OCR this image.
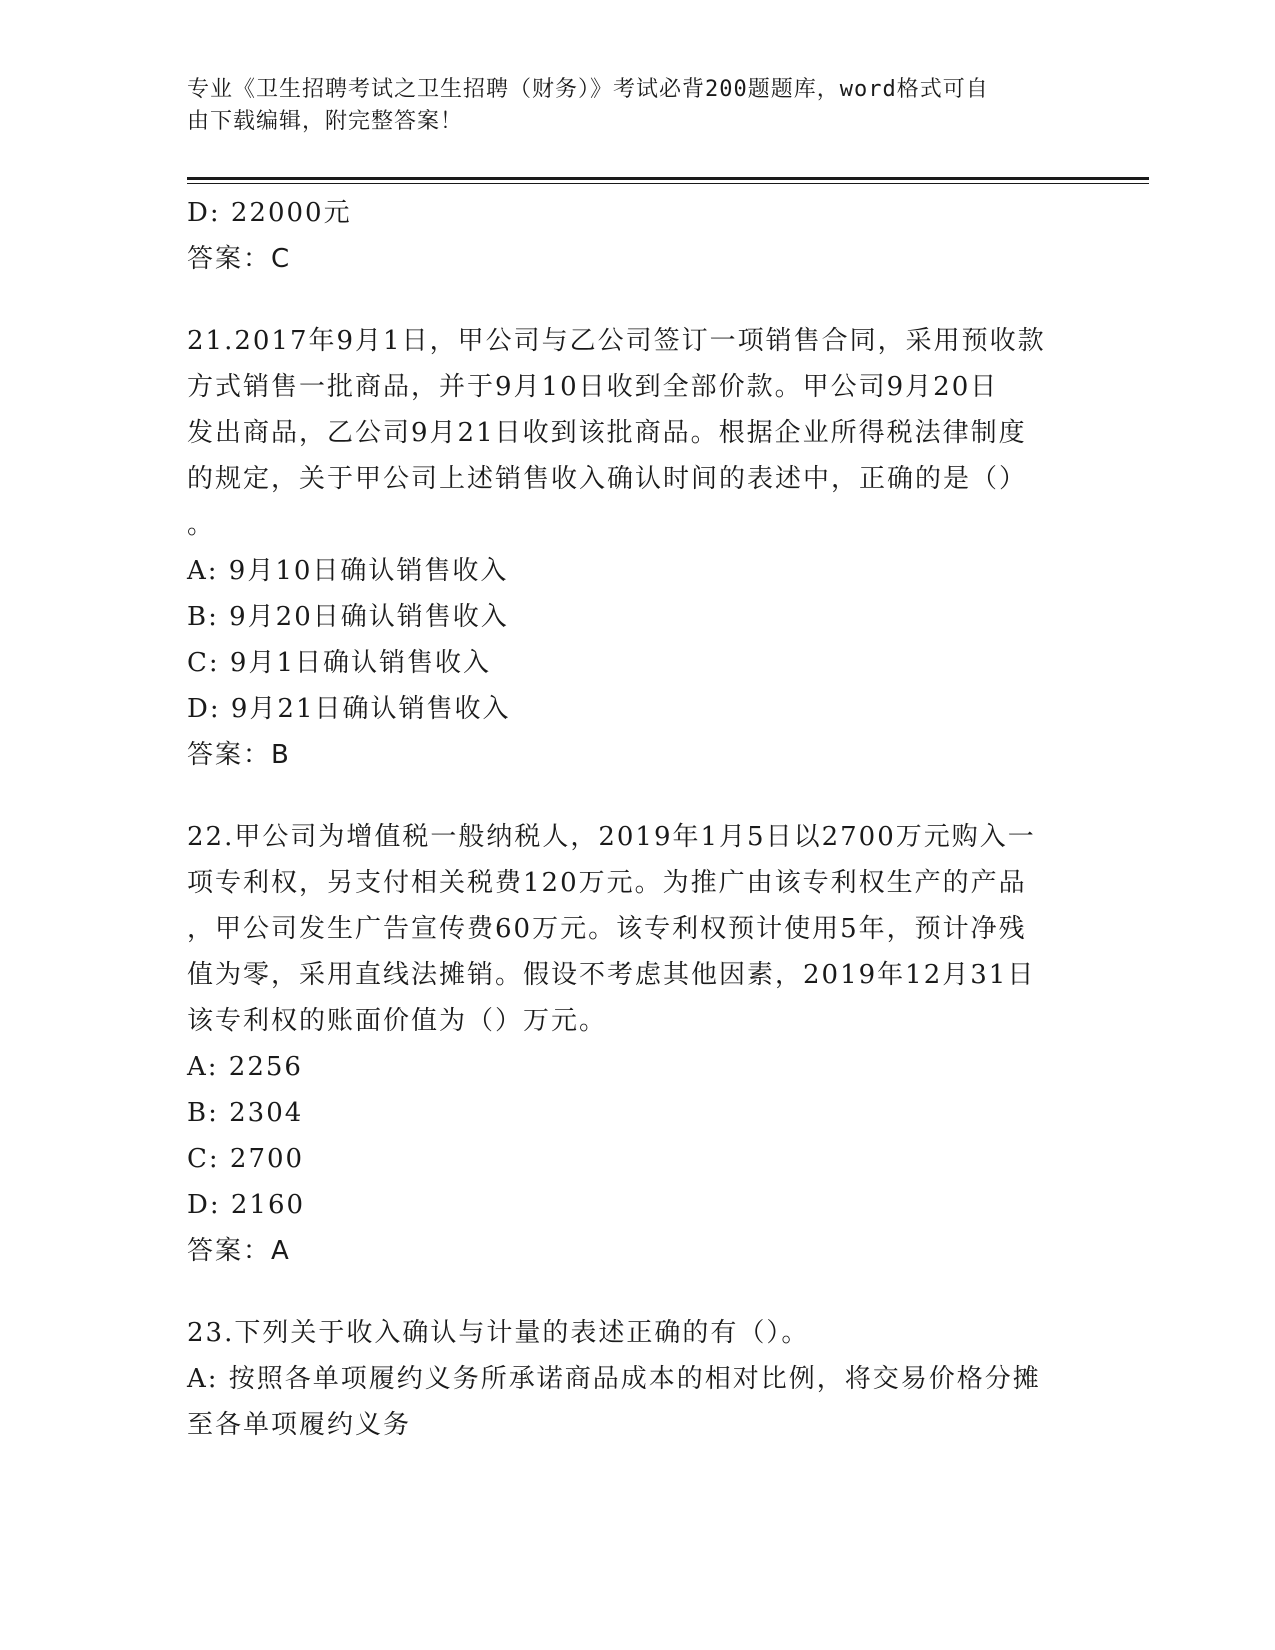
专业《卫生招聘考试之卫生招聘（财务）》考试必背200题题库，word格式可自
由下载编辑，附完整答案！
D: 22000元
答案：C
21.2017年9月1日，甲公司与乙公司签订一项销售合同，采用预收款
方式销售一批商品，并于9月10日收到全部价款。甲公司9月20日
发出商品，乙公司9月21日收到该批商品。根据企业所得税法律制度
的规定，关于甲公司上述销售收入确认时间的表述中，正确的是（）
。
A: 9月10日确认销售收入
B: 9月20日确认销售收入
C: 9月1日确认销售收入
D: 9月21日确认销售收入
答案：B
22.甲公司为增值税一般纳税人，2019年1月5日以2700万元购入一
项专利权，另支付相关税费120万元。为推广由该专利权生产的产品
，甲公司发生广告宣传费60万元。该专利权预计使用5年，预计净残
值为零，采用直线法摊销。假设不考虑其他因素，2019年12月31日
该专利权的账面价值为（）万元。
A: 2256
B: 2304
C: 2700
D: 2160
答案：A
23.下列关于收入确认与计量的表述正确的有（）。
A: 按照各单项履约义务所承诺商品成本的相对比例，将交易价格分摊
至各单项履约义务
